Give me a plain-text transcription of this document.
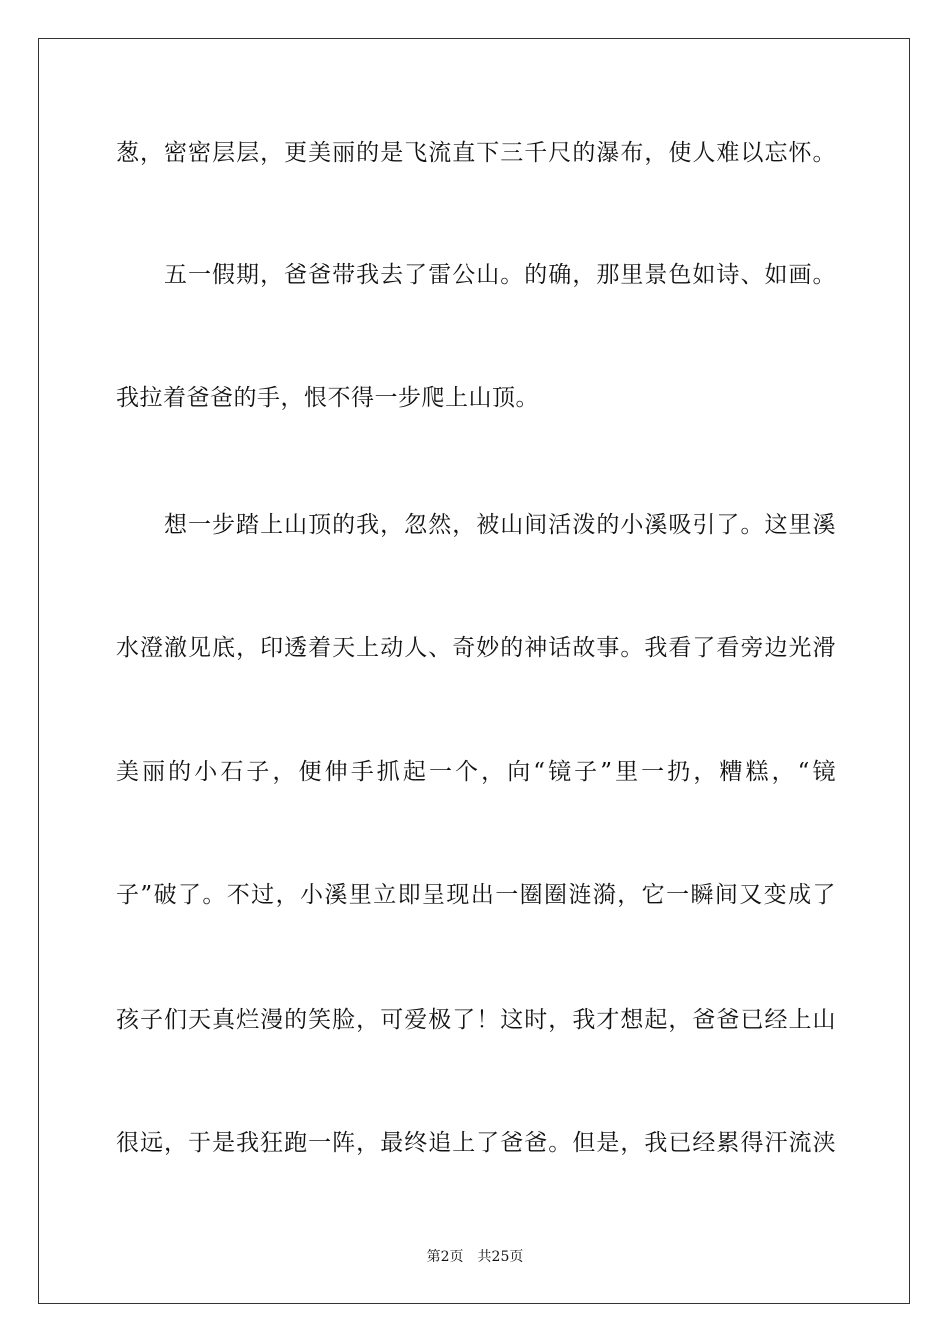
葱，密密层层，更美丽的是飞流直下三千尺的瀑布，使人难以忘怀。
五一假期，爸爸带我去了雷公山。的确，那里景色如诗、如画。
我拉着爸爸的手，恨不得一步爬上山顶。
想一步踏上山顶的我，忽然，被山间活泼的小溪吸引了。这里溪
水澄澈见底，印透着天上动人、奇妙的神话故事。我看了看旁边光滑
美丽的小石子，便伸手抓起一个，向“镜子”里一扔，糟糕，“镜
子”破了。不过，小溪里立即呈现出一圈圈涟漪，它一瞬间又变成了
孩子们天真烂漫的笑脸，可爱极了！这时，我才想起，爸爸已经上山
很远，于是我狂跑一阵，最终追上了爸爸。但是，我已经累得汗流浃
第2页 共25页
